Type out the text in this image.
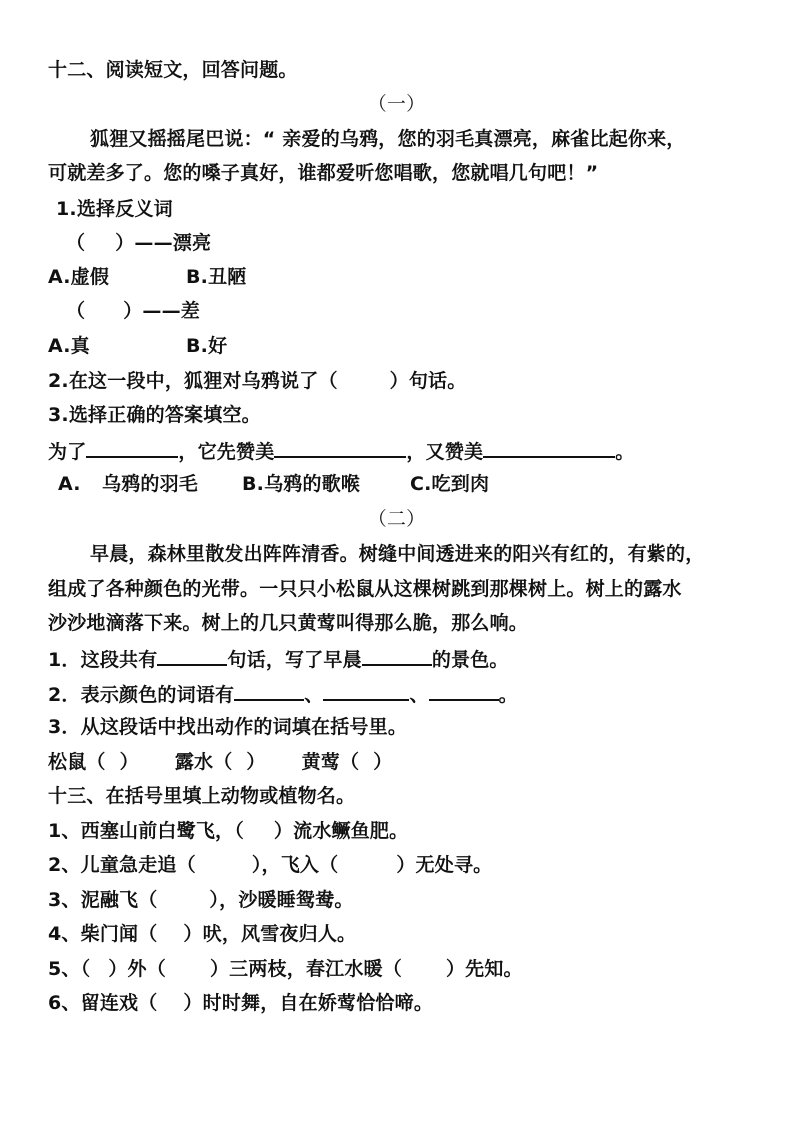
十二、阅读短文，回答问题。
（一）
狐狸又摇摇尾巴说：“ 亲爱的乌鸦，您的羽毛真漂亮，麻雀比起你来，
可就差多了。您的嗓子真好，谁都爱听您唱歌，您就唱几句吧！”
1.选择反义词
（ ）——漂亮
A.虚假	B.丑陋
（ ）——差
A.真	B.好
2.在这一段中，狐狸对乌鸦说了（	）句话。
3.选择正确的答案填空。
为了	，它先赞美	，又赞美	。
A. 乌鸦的羽毛 B.乌鸦的歌喉	C.吃到肉
（二）
早晨，森林里散发出阵阵清香。树缝中间透进来的阳兴有红的，有紫的，
组成了各种颜色的光带。一只只小松鼠从这棵树跳到那棵树上。树上的露水
沙沙地滴落下来。树上的几只黄莺叫得那么脆，那么响。
1．这段共有	句话，写了早晨	的景色。
2．表示颜色的词语有	、	、	。
3．从这段话中找出动作的词填在括号里。
松鼠（ ） 露水（ ） 黄莺（ ）
十三、在括号里填上动物或植物名。
1、西塞山前白鹭飞，（ ）流水鳜鱼肥。
2、儿童急走追（	），飞入（	）无处寻。
3、泥融飞（	），沙暖睡鸳鸯。
4、柴门闻（ ）吠，风雪夜归人。
5、（ ）外（ ）三两枝，春江水暖（ ）先知。
6、留连戏（ ）时时舞，自在娇莺恰恰啼。
